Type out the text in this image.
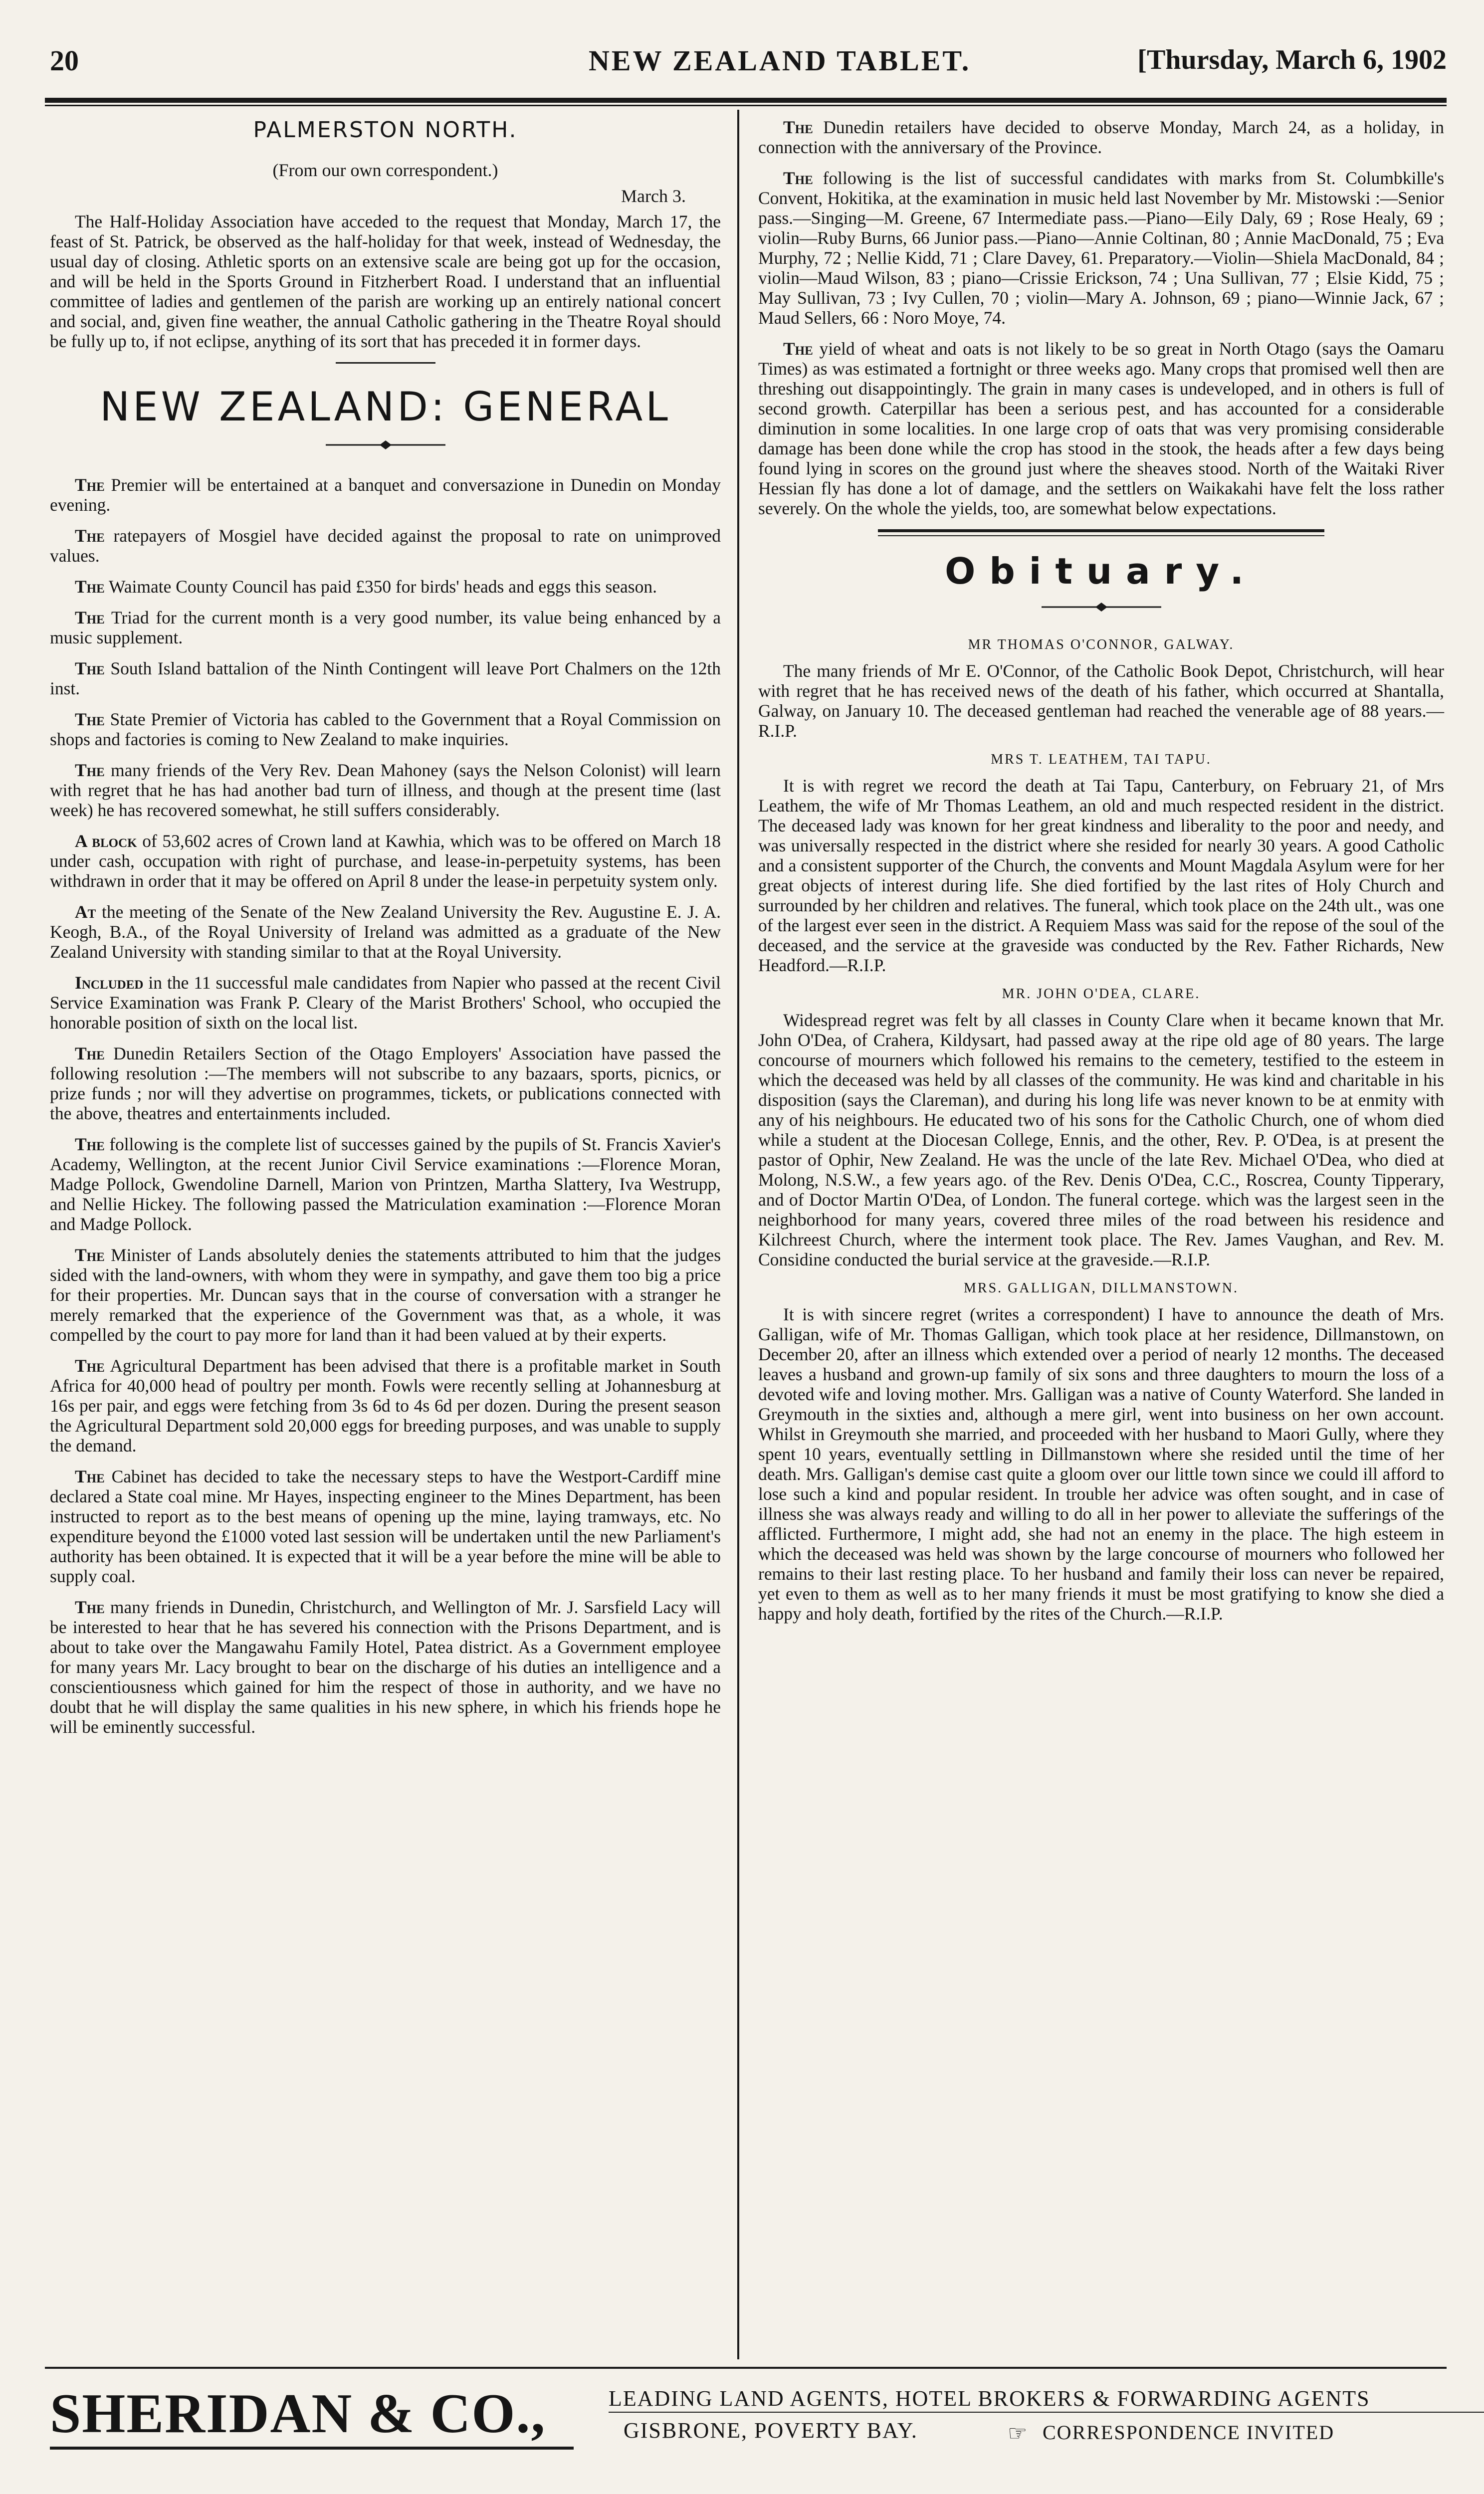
20	NEW ZEALAND TABLET.	[Thursday, March 6, 1902
PALMERSTON NORTH.
(From our own correspondent.)
March 3.

The Half-Holiday Association have acceded to the request that Monday, March 17, the feast of St. Patrick, be observed as the half-holiday for that week, instead of Wednesday, the usual day of closing. Athletic sports on an extensive scale are being got up for the occasion, and will be held in the Sports Ground in Fitzherbert Road. I understand that an influential committee of ladies and gentlemen of the parish are working up an entirely national concert and social, and, given fine weather, the annual Catholic gathering in the Theatre Royal should be fully up to, if not eclipse, anything of its sort that has preceded it in former days.

NEW ZEALAND: GENERAL

The Premier will be entertained at a banquet and conversazione in Dunedin on Monday evening.

The ratepayers of Mosgiel have decided against the proposal to rate on unimproved values.

The Waimate County Council has paid £350 for birds' heads and eggs this season.

The Triad for the current month is a very good number, its value being enhanced by a music supplement.

The South Island battalion of the Ninth Contingent will leave Port Chalmers on the 12th inst.

The State Premier of Victoria has cabled to the Government that a Royal Commission on shops and factories is coming to New Zealand to make inquiries.

The many friends of the Very Rev. Dean Mahoney (says the Nelson Colonist) will learn with regret that he has had another bad turn of illness, and though at the present time (last week) he has recovered somewhat, he still suffers considerably.

A block of 53,602 acres of Crown land at Kawhia, which was to be offered on March 18 under cash, occupation with right of purchase, and lease-in-perpetuity systems, has been withdrawn in order that it may be offered on April 8 under the lease-in perpetuity system only.

At the meeting of the Senate of the New Zealand University the Rev. Augustine E. J. A. Keogh, B.A., of the Royal University of Ireland was admitted as a graduate of the New Zealand University with standing similar to that at the Royal University.

Included in the 11 successful male candidates from Napier who passed at the recent Civil Service Examination was Frank P. Cleary of the Marist Brothers' School, who occupied the honorable position of sixth on the local list.

The Dunedin Retailers Section of the Otago Employers' Association have passed the following resolution :—The members will not subscribe to any bazaars, sports, picnics, or prize funds ; nor will they advertise on programmes, tickets, or publications connected with the above, theatres and entertainments included.

The following is the complete list of successes gained by the pupils of St. Francis Xavier's Academy, Wellington, at the recent Junior Civil Service examinations :—Florence Moran, Madge Pollock, Gwendoline Darnell, Marion von Printzen, Martha Slattery, Iva Westrupp, and Nellie Hickey. The following passed the Matriculation examination :—Florence Moran and Madge Pollock.

The Minister of Lands absolutely denies the statements attributed to him that the judges sided with the land-owners, with whom they were in sympathy, and gave them too big a price for their properties. Mr. Duncan says that in the course of conversation with a stranger he merely remarked that the experience of the Government was that, as a whole, it was compelled by the court to pay more for land than it had been valued at by their experts.

The Agricultural Department has been advised that there is a profitable market in South Africa for 40,000 head of poultry per month. Fowls were recently selling at Johannesburg at 16s per pair, and eggs were fetching from 3s 6d to 4s 6d per dozen. During the present season the Agricultural Department sold 20,000 eggs for breeding purposes, and was unable to supply the demand.

The Cabinet has decided to take the necessary steps to have the Westport-Cardiff mine declared a State coal mine. Mr Hayes, inspecting engineer to the Mines Department, has been instructed to report as to the best means of opening up the mine, laying tramways, etc. No expenditure beyond the £1000 voted last session will be undertaken until the new Parliament's authority has been obtained. It is expected that it will be a year before the mine will be able to supply coal.

The many friends in Dunedin, Christchurch, and Wellington of Mr. J. Sarsfield Lacy will be interested to hear that he has severed his connection with the Prisons Department, and is about to take over the Mangawahu Family Hotel, Patea district. As a Government employee for many years Mr. Lacy brought to bear on the discharge of his duties an intelligence and a conscientiousness which gained for him the respect of those in authority, and we have no doubt that he will display the same qualities in his new sphere, in which his friends hope he will be eminently successful.

The Dunedin retailers have decided to observe Monday, March 24, as a holiday, in connection with the anniversary of the Province.

The following is the list of successful candidates with marks from St. Columbkille's Convent, Hokitika, at the examination in music held last November by Mr. Mistowski :—Senior pass.—Singing—M. Greene, 67 Intermediate pass.—Piano—Eily Daly, 69 ; Rose Healy, 69 ; violin—Ruby Burns, 66 Junior pass.—Piano—Annie Coltinan, 80 ; Annie MacDonald, 75 ; Eva Murphy, 72 ; Nellie Kidd, 71 ; Clare Davey, 61. Preparatory.—Violin—Shiela MacDonald, 84 ; violin—Maud Wilson, 83 ; piano—Crissie Erickson, 74 ; Una Sullivan, 77 ; Elsie Kidd, 75 ; May Sullivan, 73 ; Ivy Cullen, 70 ; violin—Mary A. Johnson, 69 ; piano—Winnie Jack, 67 ; Maud Sellers, 66 : Noro Moye, 74.

The yield of wheat and oats is not likely to be so great in North Otago (says the Oamaru Times) as was estimated a fortnight or three weeks ago. Many crops that promised well then are threshing out disappointingly. The grain in many cases is undeveloped, and in others is full of second growth. Caterpillar has been a serious pest, and has accounted for a considerable diminution in some localities. In one large crop of oats that was very promising considerable damage has been done while the crop has stood in the stook, the heads after a few days being found lying in scores on the ground just where the sheaves stood. North of the Waitaki River Hessian fly has done a lot of damage, and the settlers on Waikakahi have felt the loss rather severely. On the whole the yields, too, are somewhat below expectations.

Obituary.
MR THOMAS O'CONNOR, GALWAY.

The many friends of Mr E. O'Connor, of the Catholic Book Depot, Christchurch, will hear with regret that he has received news of the death of his father, which occurred at Shantalla, Galway, on January 10. The deceased gentleman had reached the venerable age of 88 years.—R.I.P.

MRS T. LEATHEM, TAI TAPU.

It is with regret we record the death at Tai Tapu, Canterbury, on February 21, of Mrs Leathem, the wife of Mr Thomas Leathem, an old and much respected resident in the district. The deceased lady was known for her great kindness and liberality to the poor and needy, and was universally respected in the district where she resided for nearly 30 years. A good Catholic and a consistent supporter of the Church, the convents and Mount Magdala Asylum were for her great objects of interest during life. She died fortified by the last rites of Holy Church and surrounded by her children and relatives. The funeral, which took place on the 24th ult., was one of the largest ever seen in the district. A Requiem Mass was said for the repose of the soul of the deceased, and the service at the graveside was conducted by the Rev. Father Richards, New Headford.—R.I.P.

MR. JOHN O'DEA, CLARE.

Widespread regret was felt by all classes in County Clare when it became known that Mr. John O'Dea, of Crahera, Kildysart, had passed away at the ripe old age of 80 years. The large concourse of mourners which followed his remains to the cemetery, testified to the esteem in which the deceased was held by all classes of the community. He was kind and charitable in his disposition (says the Clareman), and during his long life was never known to be at enmity with any of his neighbours. He educated two of his sons for the Catholic Church, one of whom died while a student at the Diocesan College, Ennis, and the other, Rev. P. O'Dea, is at present the pastor of Ophir, New Zealand. He was the uncle of the late Rev. Michael O'Dea, who died at Molong, N.S.W., a few years ago. of the Rev. Denis O'Dea, C.C., Roscrea, County Tipperary, and of Doctor Martin O'Dea, of London. The funeral cortege. which was the largest seen in the neighborhood for many years, covered three miles of the road between his residence and Kilchreest Church, where the interment took place. The Rev. James Vaughan, and Rev. M. Considine conducted the burial service at the graveside.—R.I.P.

MRS. GALLIGAN, DILLMANSTOWN.

It is with sincere regret (writes a correspondent) I have to announce the death of Mrs. Galligan, wife of Mr. Thomas Galligan, which took place at her residence, Dillmanstown, on December 20, after an illness which extended over a period of nearly 12 months. The deceased leaves a husband and grown-up family of six sons and three daughters to mourn the loss of a devoted wife and loving mother. Mrs. Galligan was a native of County Waterford. She landed in Greymouth in the sixties and, although a mere girl, went into business on her own account. Whilst in Greymouth she married, and proceeded with her husband to Maori Gully, where they spent 10 years, eventually settling in Dillmanstown where she resided until the time of her death. Mrs. Galligan's demise cast quite a gloom over our little town since we could ill afford to lose such a kind and popular resident. In trouble her advice was often sought, and in case of illness she was always ready and willing to do all in her power to alleviate the sufferings of the afflicted. Furthermore, I might add, she had not an enemy in the place. The high esteem in which the deceased was held was shown by the large concourse of mourners who followed her remains to their last resting place. To her husband and family their loss can never be repaired, yet even to them as well as to her many friends it must be most gratifying to know she died a happy and holy death, fortified by the rites of the Church.—R.I.P.

SHERIDAN & CO.,	LEADING LAND AGENTS, HOTEL BROKERS & FORWARDING AGENTS
GISBRONE, POVERTY BAY.	☞ CORRESPONDENCE INVITED
